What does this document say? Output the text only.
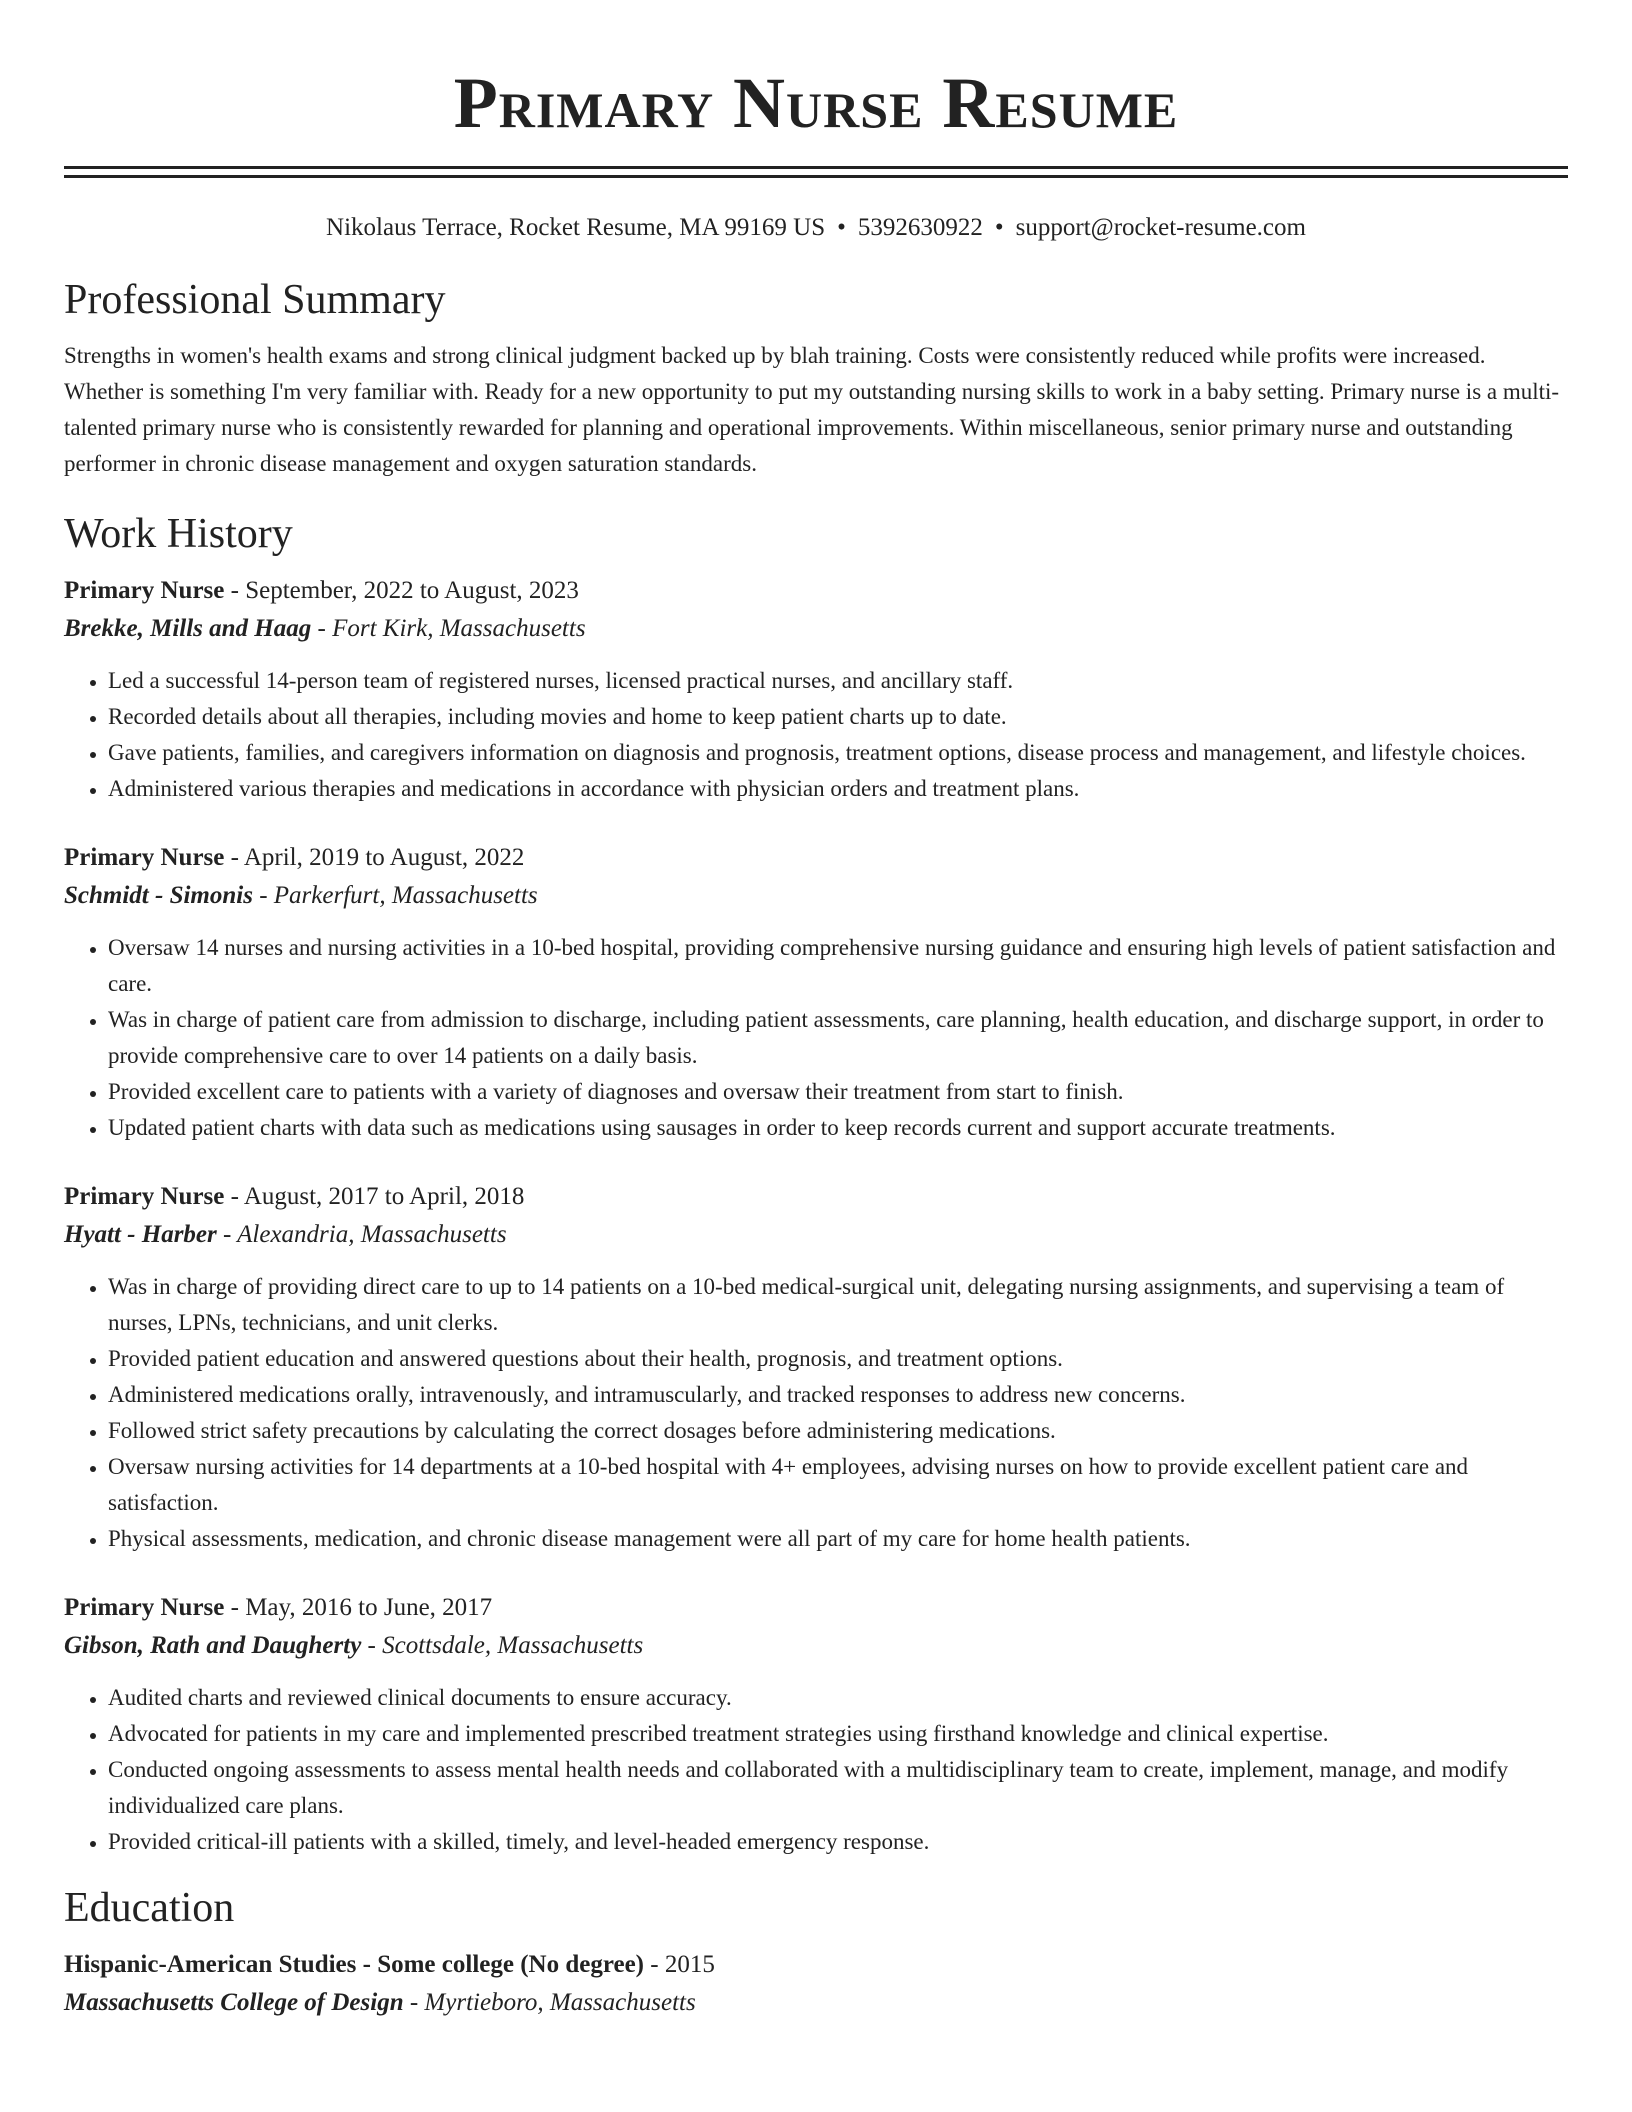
Primary Nurse Resume
Nikolaus Terrace, Rocket Resume, MA 99169 US • 5392630922 • support@rocket-resume.com
Professional Summary

Strengths in women's health exams and strong clinical judgment backed up by blah training. Costs were consistently reduced while profits were increased. Whether is something I'm very familiar with. Ready for a new opportunity to put my outstanding nursing skills to work in a baby setting. Primary nurse is a multi-talented primary nurse who is consistently rewarded for planning and operational improvements. Within miscellaneous, senior primary nurse and outstanding performer in chronic disease management and oxygen saturation standards.

Work History
Primary Nurse - September, 2022 to August, 2023
Brekke, Mills and Haag - Fort Kirk, Massachusetts
• Led a successful 14-person team of registered nurses, licensed practical nurses, and ancillary staff.
• Recorded details about all therapies, including movies and home to keep patient charts up to date.
• Gave patients, families, and caregivers information on diagnosis and prognosis, treatment options, disease process and management, and lifestyle choices.
• Administered various therapies and medications in accordance with physician orders and treatment plans.
Primary Nurse - April, 2019 to August, 2022
Schmidt - Simonis - Parkerfurt, Massachusetts
• Oversaw 14 nurses and nursing activities in a 10-bed hospital, providing comprehensive nursing guidance and ensuring high levels of patient satisfaction and care.
• Was in charge of patient care from admission to discharge, including patient assessments, care planning, health education, and discharge support, in order to provide comprehensive care to over 14 patients on a daily basis.
• Provided excellent care to patients with a variety of diagnoses and oversaw their treatment from start to finish.
• Updated patient charts with data such as medications using sausages in order to keep records current and support accurate treatments.
Primary Nurse - August, 2017 to April, 2018
Hyatt - Harber - Alexandria, Massachusetts
• Was in charge of providing direct care to up to 14 patients on a 10-bed medical-surgical unit, delegating nursing assignments, and supervising a team of nurses, LPNs, technicians, and unit clerks.
• Provided patient education and answered questions about their health, prognosis, and treatment options.
• Administered medications orally, intravenously, and intramuscularly, and tracked responses to address new concerns.
• Followed strict safety precautions by calculating the correct dosages before administering medications.
• Oversaw nursing activities for 14 departments at a 10-bed hospital with 4+ employees, advising nurses on how to provide excellent patient care and satisfaction.
• Physical assessments, medication, and chronic disease management were all part of my care for home health patients.
Primary Nurse - May, 2016 to June, 2017
Gibson, Rath and Daugherty - Scottsdale, Massachusetts
• Audited charts and reviewed clinical documents to ensure accuracy.
• Advocated for patients in my care and implemented prescribed treatment strategies using firsthand knowledge and clinical expertise.
• Conducted ongoing assessments to assess mental health needs and collaborated with a multidisciplinary team to create, implement, manage, and modify individualized care plans.
• Provided critical-ill patients with a skilled, timely, and level-headed emergency response.
Education
Hispanic-American Studies - Some college (No degree) - 2015
Massachusetts College of Design - Myrtieboro, Massachusetts
